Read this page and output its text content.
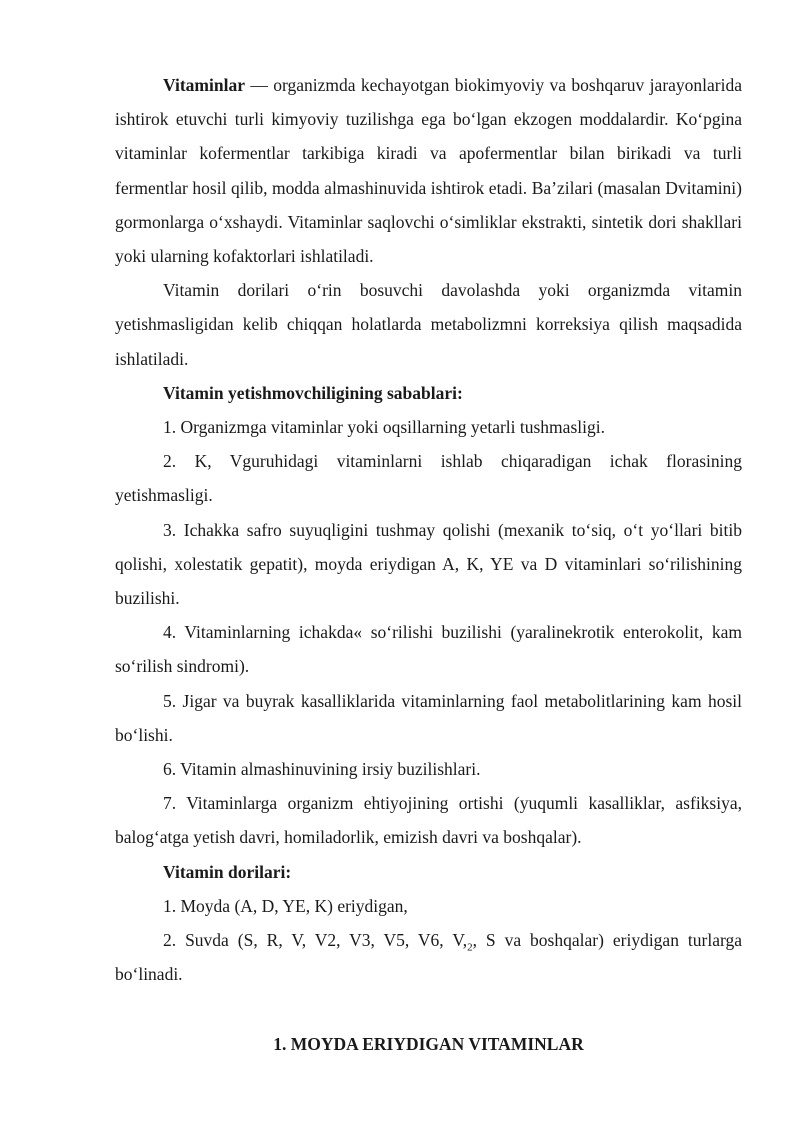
Vitaminlar — organizmda kechayotgan biokimyoviy va boshqaruv jarayonlarida ishtirok etuvchi turli kimyoviy tuzilishga ega bo‘lgan ekzogen moddalardir. Ko‘pgina vitaminlar kofermentlar tarkibiga kiradi va apofermentlar bilan birikadi va turli fermentlar hosil qilib, modda almashinuvida ishtirok etadi. Ba’zilari (masalan Dvitamini) gormonlarga o‘xshaydi. Vitaminlar saqlovchi o‘simliklar ekstrakti, sintetik dori shakllari yoki ularning kofaktorlari ishlatiladi.

Vitamin dorilari o‘rin bosuvchi davolashda yoki organizmda vitamin yetishmasligidan kelib chiqqan holatlarda metabolizmni korreksiya qilish maqsadida ishlatiladi.

Vitamin yetishmovchiligining sabablari:

1. Organizmga vitaminlar yoki oqsillarning yetarli tushmasligi.

2. K, Vguruhidagi vitaminlarni ishlab chiqaradigan ichak florasining yetishmasligi.

3. Ichakka safro suyuqligini tushmay qolishi (mexanik to‘siq, o‘t yo‘llari bitib qolishi, xolestatik gepatit), moyda eriydigan A, K, YE va D vitaminlari so‘rilishining buzilishi.

4. Vitaminlarning ichakda« so‘rilishi buzilishi (yaralinekrotik enterokolit, kam so‘rilish sindromi).

5. Jigar va buyrak kasalliklarida vitaminlarning faol metabolitlarining kam hosil bo‘lishi.

6. Vitamin almashinuvining irsiy buzilishlari.

7. Vitaminlarga organizm ehtiyojining ortishi (yuqumli kasalliklar, asfiksiya, balog‘atga yetish davri, homiladorlik, emizish davri va boshqalar).

Vitamin dorilari:

1. Moyda (A, D, YE, K) eriydigan,

2. Suvda (S, R, V, V2, V3, V5, V6, $V,_2$, S va boshqalar) eriydigan turlarga bo‘linadi.

1. MOYDA ERIYDIGAN VITAMINLAR
